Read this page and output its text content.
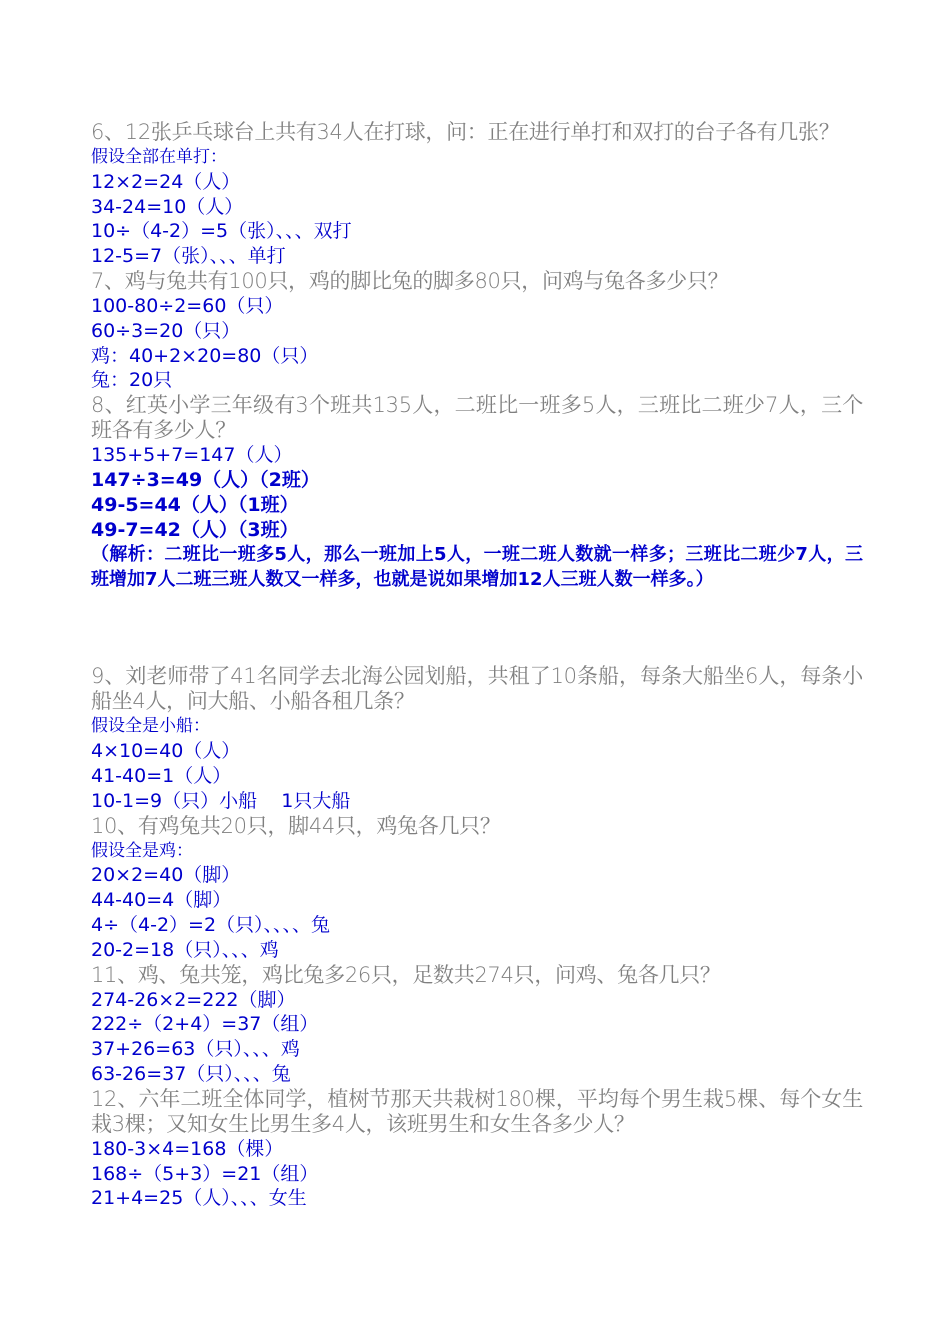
6、12张乒乓球台上共有34人在打球，问：正在进行单打和双打的台子各有几张？

假设全部在单打：

12×2=24（人）

34-24=10（人）

10÷（4-2）=5（张）、、、双打

12-5=7（张）、、、单打

7、鸡与兔共有100只，鸡的脚比兔的脚多80只，问鸡与兔各多少只？

100-80÷2=60（只）

60÷3=20（只）

鸡：40+2×20=80（只）

兔：20只

8、红英小学三年级有3个班共135人，二班比一班多5人，三班比二班少7人，三个班各有多少人？

135+5+7=147（人）

147÷3=49（人）（2班）

49-5=44（人）（1班）

49-7=42（人）（3班）

（解析：二班比一班多5人，那么一班加上5人，一班二班人数就一样多；三班比二班少7人，三班增加7人二班三班人数又一样多，也就是说如果增加12人三班人数一样多。）

9、刘老师带了41名同学去北海公园划船，共租了10条船，每条大船坐6人，每条小船坐4人，问大船、小船各租几条？

假设全是小船：

4×10=40（人）

41-40=1（人）

10-1=9（只）小船    1只大船

10、有鸡兔共20只，脚44只，鸡兔各几只？

假设全是鸡：

20×2=40（脚）

44-40=4（脚）

4÷（4-2）=2（只）、、、、兔

20-2=18（只）、、、鸡

11、鸡、兔共笼，鸡比兔多26只，足数共274只，问鸡、兔各几只？

274-26×2=222（脚）

222÷（2+4）=37（组）

37+26=63（只）、、、鸡

63-26=37（只）、、、兔

12、六年二班全体同学，植树节那天共栽树180棵，平均每个男生栽5棵、每个女生栽3棵；又知女生比男生多4人，该班男生和女生各多少人？

180-3×4=168（棵）

168÷（5+3）=21（组）

21+4=25（人）、、、女生
